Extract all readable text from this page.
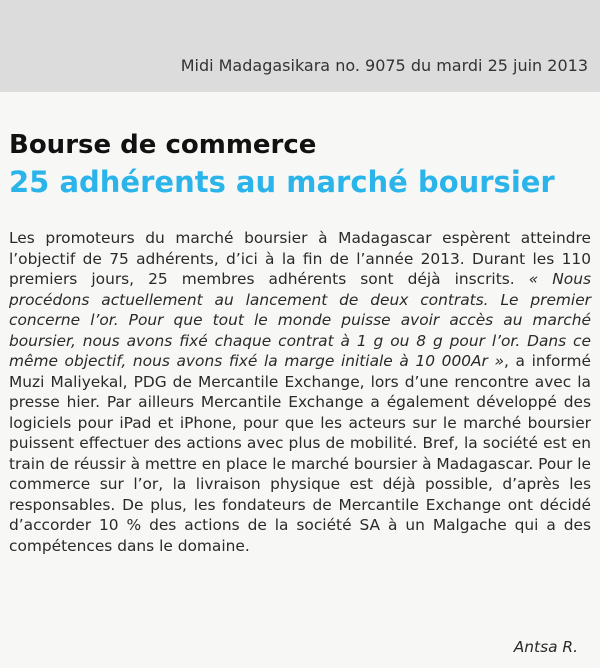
Midi Madagasikara no. 9075 du mardi 25 juin 2013
Bourse de commerce
25 adhérents au marché boursier

Les promoteurs du marché boursier à Madagascar espèrent atteindre l’objectif de 75 adhérents, d’ici à la fin de l’année 2013. Durant les 110 premiers jours, 25 membres adhérents sont déjà inscrits. « Nous procédons actuellement au lancement de deux contrats. Le premier concerne l’or. Pour que tout le monde puisse avoir accès au marché boursier, nous avons fixé chaque contrat à 1 g ou 8 g pour l’or. Dans ce même objectif, nous avons fixé la marge initiale à 10 000Ar », a informé Muzi Maliyekal, PDG de Mercantile Exchange, lors d’une rencontre avec la presse hier. Par ailleurs Mercantile Exchange a également développé des logiciels pour iPad et iPhone, pour que les acteurs sur le marché boursier puissent effectuer des actions avec plus de mobilité. Bref, la société est en train de réussir à mettre en place le marché boursier à Madagascar. Pour le commerce sur l’or, la livraison physique est déjà possible, d’après les responsables. De plus, les fondateurs de Mercantile Exchange ont décidé d’accorder 10 % des actions de la société SA à un Malgache qui a des compétences dans le domaine.

Antsa R.
